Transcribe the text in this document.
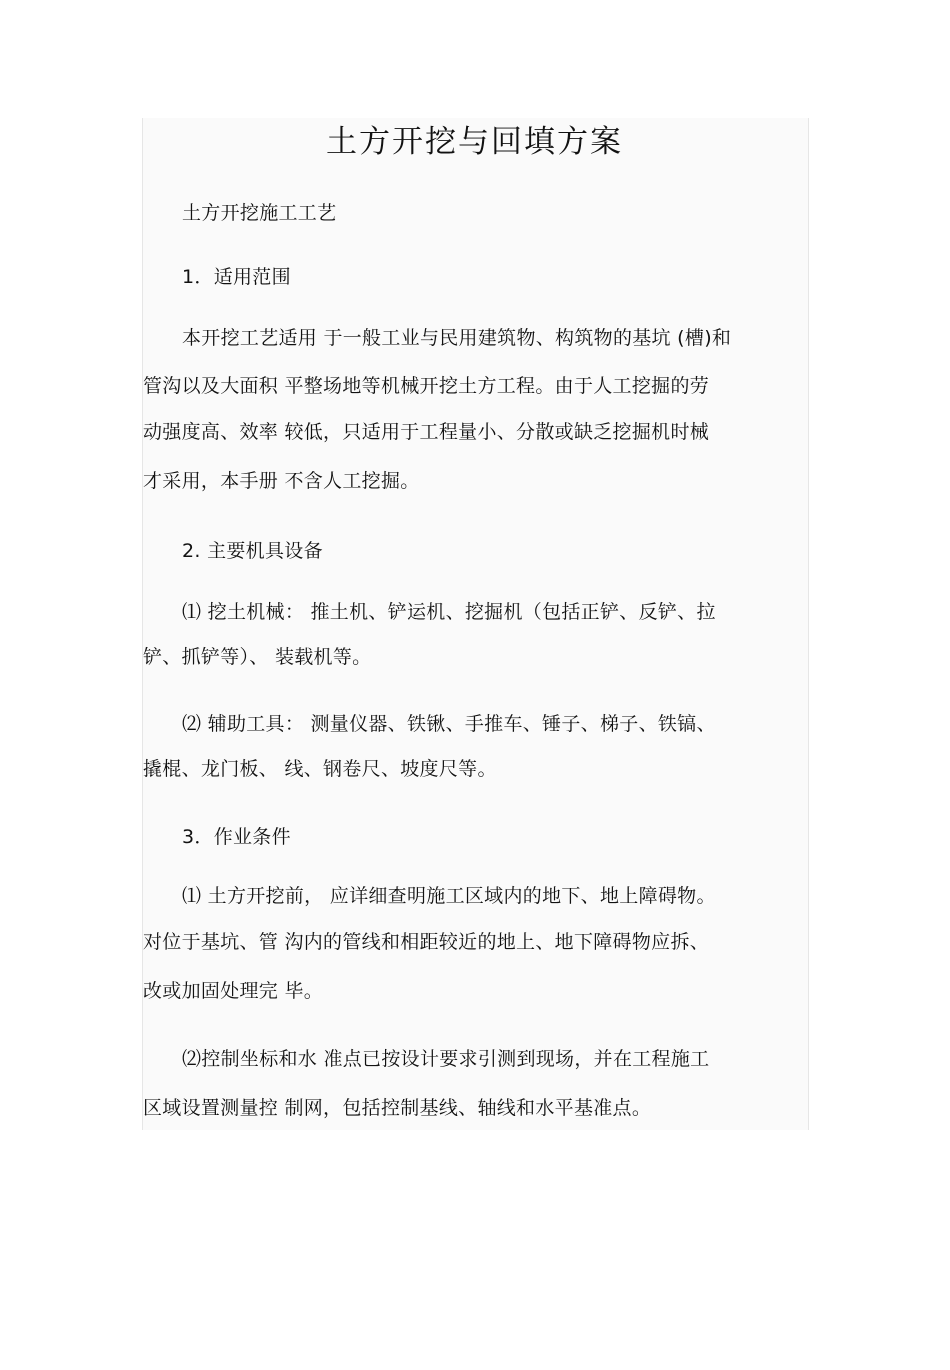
土方开挖与回填方案
土方开挖施工工艺
1．适用范围
本开挖工艺适用 于一般工业与民用建筑物、构筑物的基坑 (槽)和
管沟以及大面积 平整场地等机械开挖土方工程。由于人工挖掘的劳
动强度高、效率 较低，只适用于工程量小、分散或缺乏挖掘机时械
才采用，本手册 不含人工挖掘。
2. 主要机具设备
⑴ 挖土机械： 推土机、铲运机、挖掘机（包括正铲、反铲、拉
铲、抓铲等）、 装载机等。
⑵ 辅助工具： 测量仪器、铁锹、手推车、锤子、梯子、铁镐、
撬棍、龙门板、 线、钢卷尺、坡度尺等。
3．作业条件
⑴ 土方开挖前， 应详细查明施工区域内的地下、地上障碍物。
对位于基坑、管 沟内的管线和相距较近的地上、地下障碍物应拆、
改或加固处理完 毕。
⑵控制坐标和水 准点已按设计要求引测到现场，并在工程施工
区域设置测量控 制网，包括控制基线、轴线和水平基准点。
